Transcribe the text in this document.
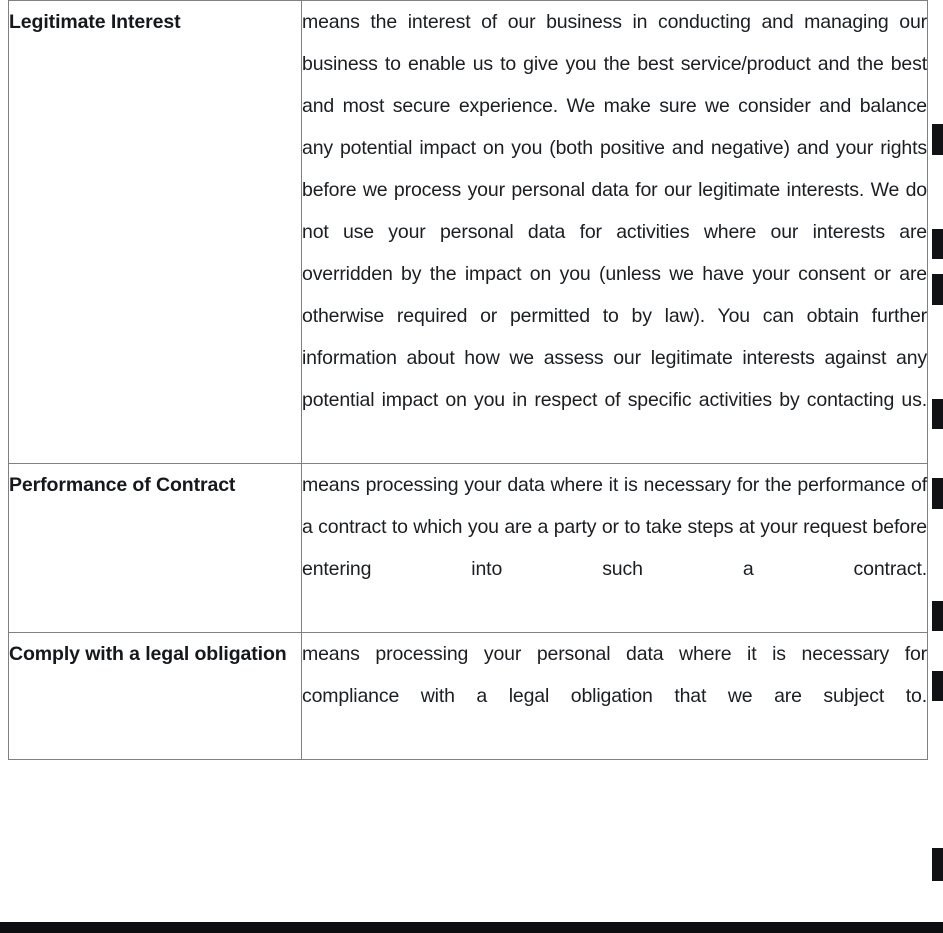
Legitimate Interest	means the interest of our business in conducting and managing our business to enable us to give you the best service/product and the best and most secure experience. We make sure we consider and balance any potential impact on you (both positive and negative) and your rights before we process your personal data for our legitimate interests. We do not use your personal data for activities where our interests are overridden by the impact on you (unless we have your consent or are otherwise required or permitted to by law). You can obtain further information about how we assess our legitimate interests against any potential impact on you in respect of specific activities by contacting us.

Performance of Contract	means processing your data where it is necessary for the performance of a contract to which you are a party or to take steps at your request before entering into such a contract.

Comply with a legal obligation	means processing your personal data where it is necessary for compliance with a legal obligation that we are subject to.
